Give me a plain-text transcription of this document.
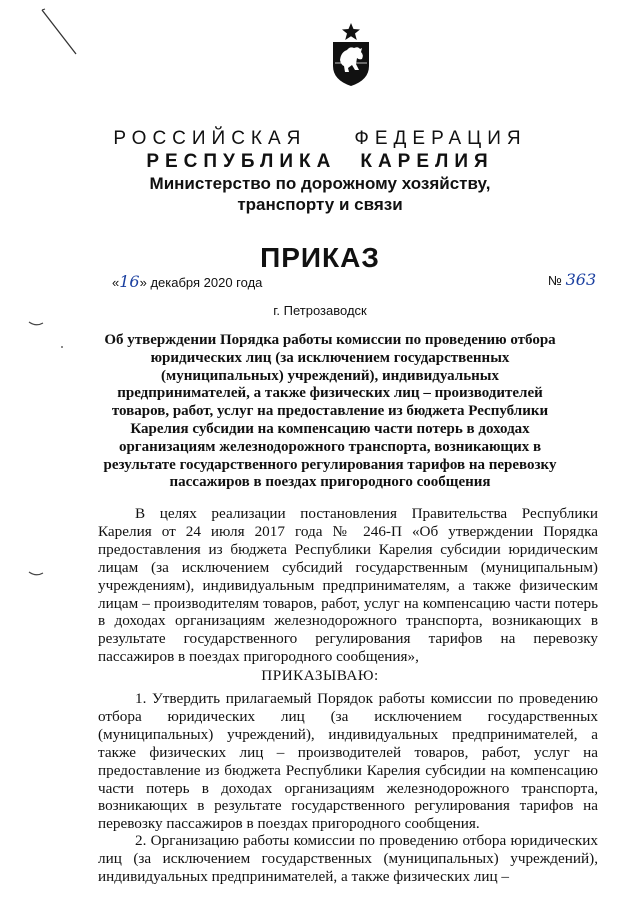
РОССИЙСКАЯ	ФЕДЕРАЦИЯ
РЕСПУБЛИКА КАРЕЛИЯ
Министерство по дорожному хозяйству,
транспорту и связи
ПРИКАЗ
«16» декабря 2020 года	№ 363
г. Петрозаводск
Об утверждении Порядка работы комиссии по проведению отбора юридических лиц (за исключением государственных (муниципальных) учреждений), индивидуальных предпринимателей, а также физических лиц – производителей товаров, работ, услуг на предоставление из бюджета Республики Карелия субсидии на компенсацию части потерь в доходах организациям железнодорожного транспорта, возникающих в результате государственного регулирования тарифов на перевозку пассажиров в поездах пригородного сообщения
В целях реализации постановления Правительства Республики Карелия от 24 июля 2017 года № 246-П «Об утверждении Порядка предоставления из бюджета Республики Карелия субсидии юридическим лицам (за исключением субсидий государственным (муниципальным) учреждениям), индивидуальным предпринимателям, а также физическим лицам – производителям товаров, работ, услуг на компенсацию части потерь в доходах организациям железнодорожного транспорта, возникающих в результате государственного регулирования тарифов на перевозку пассажиров в поездах пригородного сообщения»,
ПРИКАЗЫВАЮ:
1. Утвердить прилагаемый Порядок работы комиссии по проведению отбора юридических лиц (за исключением государственных (муниципальных) учреждений), индивидуальных предпринимателей, а также физических лиц – производителей товаров, работ, услуг на предоставление из бюджета Республики Карелия субсидии на компенсацию части потерь в доходах организациям железнодорожного транспорта, возникающих в результате государственного регулирования тарифов на перевозку пассажиров в поездах пригородного сообщения.
2. Организацию работы комиссии по проведению отбора юридических лиц (за исключением государственных (муниципальных) учреждений), индивидуальных предпринимателей, а также физических лиц –
